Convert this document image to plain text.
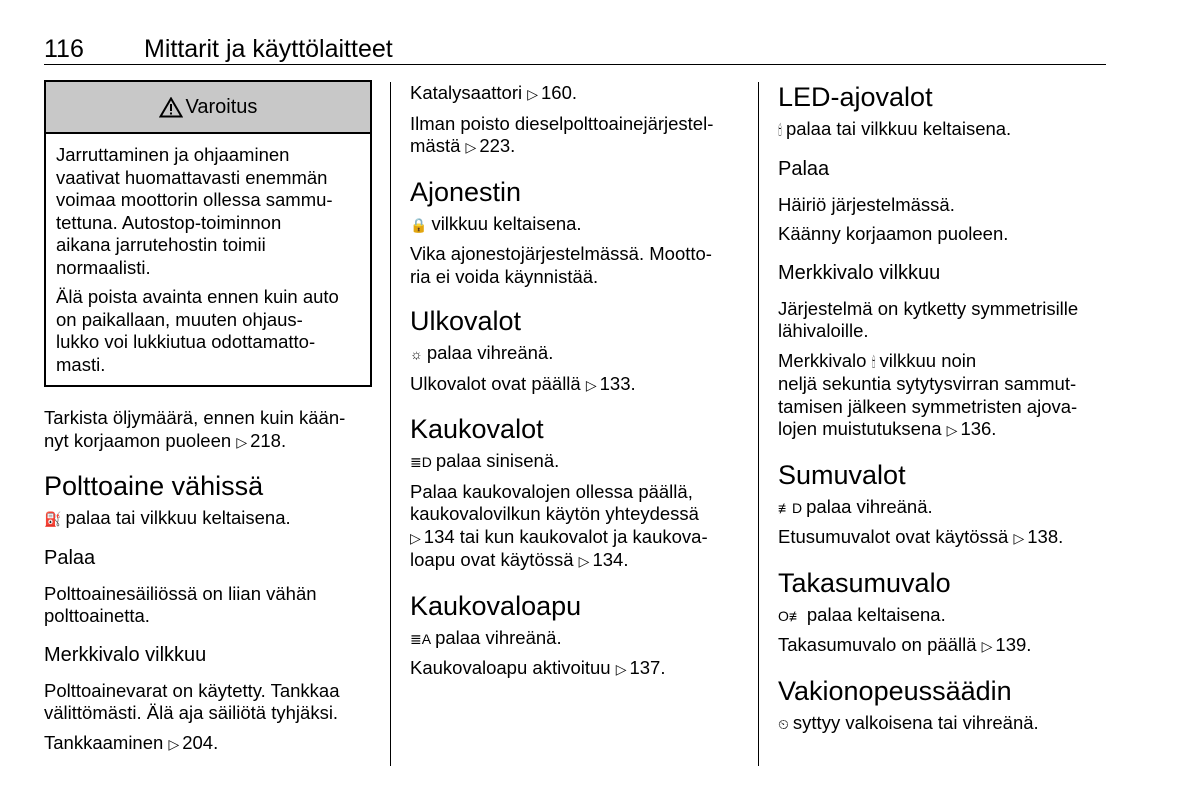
116 Mittarit ja käyttölaitteet
Varoitus

Jarruttaminen ja ohjaaminen
vaativat huomattavasti enemmän
voimaa moottorin ollessa sammu-
tettuna. Autostop-toiminnon
aikana jarrutehostin toimii
normaalisti.

Älä poista avainta ennen kuin auto
on paikallaan, muuten ohjaus-
lukko voi lukkiutua odottamatto-
masti.

Tarkista öljymäärä, ennen kuin kään-
nyt korjaamon puoleen ▷ 218.

Polttoaine vähissä

⛽ palaa tai vilkkuu keltaisena.

Palaa

Polttoainesäiliössä on liian vähän
polttoainetta.

Merkkivalo vilkkuu

Polttoainevarat on käytetty. Tankkaa
välittömästi. Älä aja säiliötä tyhjäksi.

Tankkaaminen ▷ 204.

Katalysaattori ▷ 160.

Ilman poisto dieselpolttoainejärjestel-
mästä ▷ 223.

Ajonestin

🔒 vilkkuu keltaisena.

Vika ajonestojärjestelmässä. Mootto-
ria ei voida käynnistää.

Ulkovalot

☼ palaa vihreänä.

Ulkovalot ovat päällä ▷ 133.

Kaukovalot

≣D palaa sinisenä.

Palaa kaukovalojen ollessa päällä,
kaukovalovilkun käytön yhteydessä
▷ 134 tai kun kaukovalot ja kaukova-
loapu ovat käytössä ▷ 134.

Kaukovaloapu

≣A palaa vihreänä.

Kaukovaloapu aktivoituu ▷ 137.

LED-ajovalot

🕯 palaa tai vilkkuu keltaisena.

Palaa

Häiriö järjestelmässä.

Käänny korjaamon puoleen.

Merkkivalo vilkkuu

Järjestelmä on kytketty symmetrisille
lähivaloille.

Merkkivalo 🕯 vilkkuu noin
neljä sekuntia sytytysvirran sammut-
tamisen jälkeen symmetristen ajova-
lojen muistutuksena ▷ 136.

Sumuvalot

≢D palaa vihreänä.

Etusumuvalot ovat käytössä ▷ 138.

Takasumuvalo

O≢ palaa keltaisena.

Takasumuvalo on päällä ▷ 139.

Vakionopeussäädin

⏲ syttyy valkoisena tai vihreänä.
